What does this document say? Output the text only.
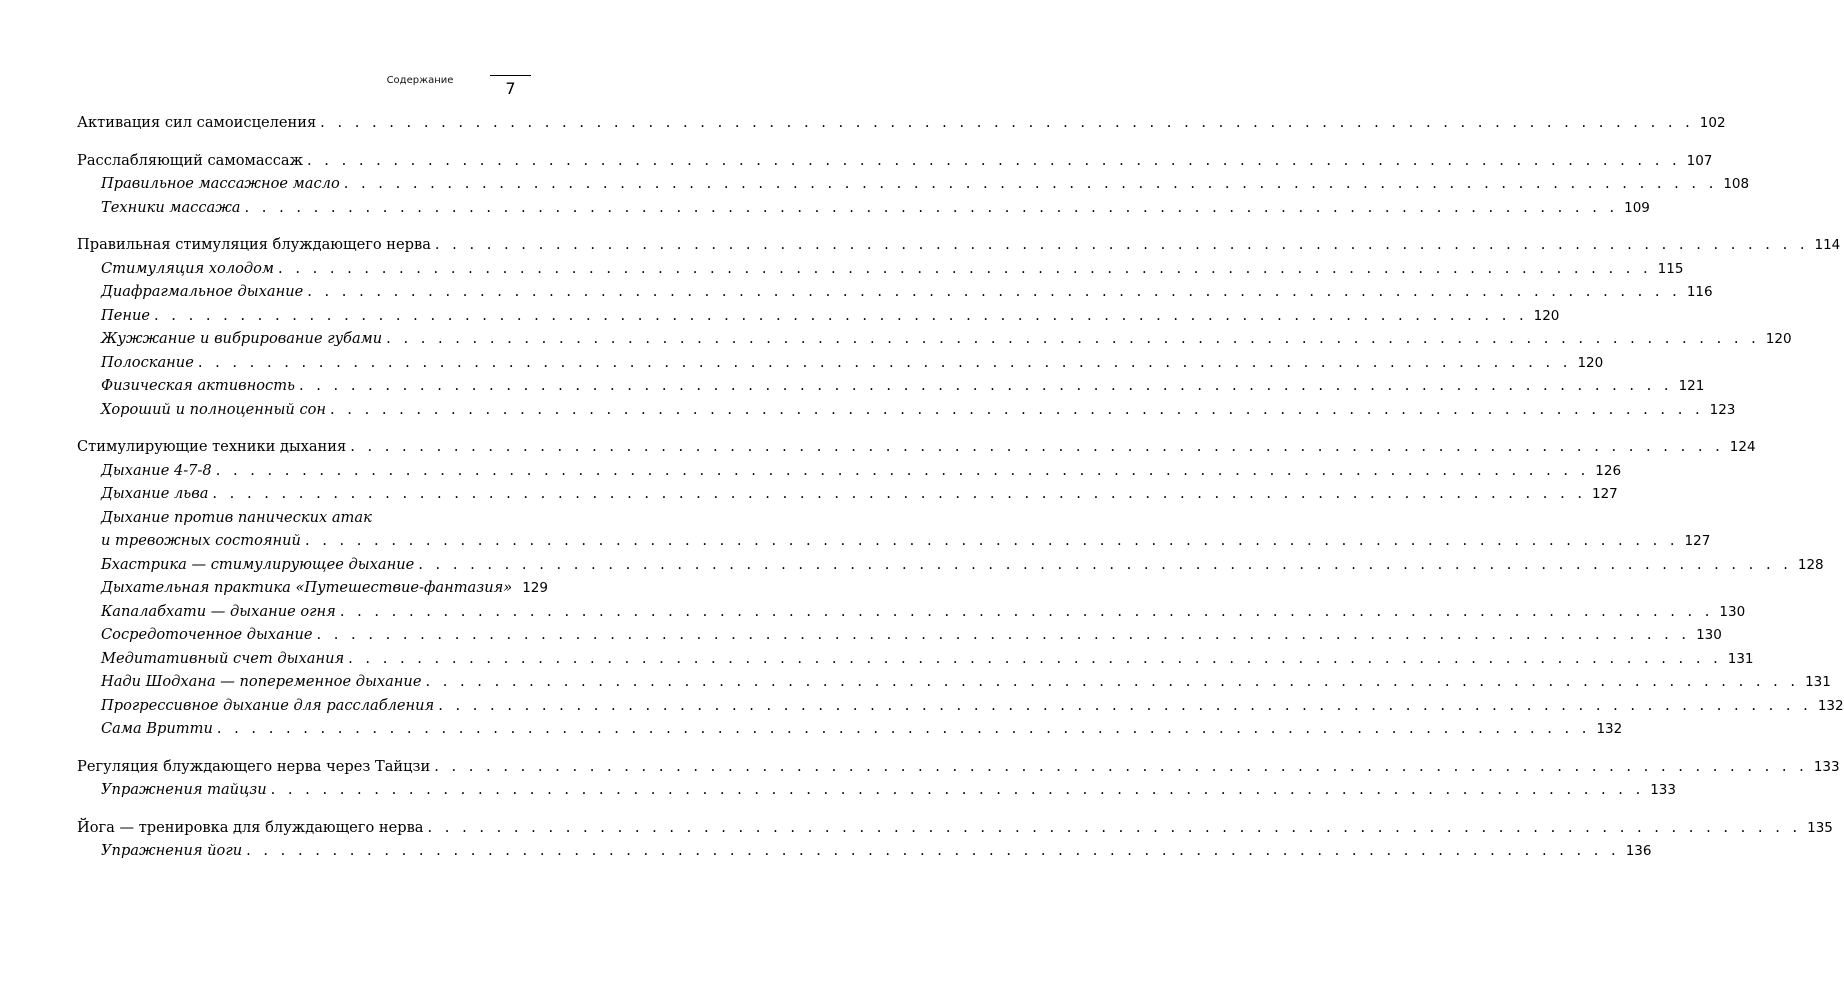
Содержание	7
Активация сил самоисцеления . . .	102
Расслабляющий самомассаж . . .	107
Правильное массажное масло . . .	108
Техники массажа . . .	109
Правильная стимуляция блуждающего нерва . . .	114
Стимуляция холодом . . .	115
Диафрагмальное дыхание . . .	116
Пение . . .	120
Жужжание и вибрирование губами . . .	120
Полоскание . . .	120
Физическая активность . . .	121
Хороший и полноценный сон . . .	123
Стимулирующие техники дыхания . . .	124
Дыхание 4-7-8 . . .	126
Дыхание льва . . .	127
Дыхание против панических атак
и тревожных состояний . . .	127
Бхастрика — стимулирующее дыхание . . .	128
Дыхательная практика «Путешествие-фантазия» 129
Капалабхати — дыхание огня . . .	130
Сосредоточенное дыхание . . .	130
Медитативный счет дыхания . . .	131
Нади Шодхана — попеременное дыхание . . .	131
Прогрессивное дыхание для расслабления . . .	132
Сама Вритти . . .	132
Регуляция блуждающего нерва через Тайцзи . . .	133
Упражнения тайцзи . . .	133
Йога — тренировка для блуждающего нерва . . .	135
Упражнения йоги . . .	136
